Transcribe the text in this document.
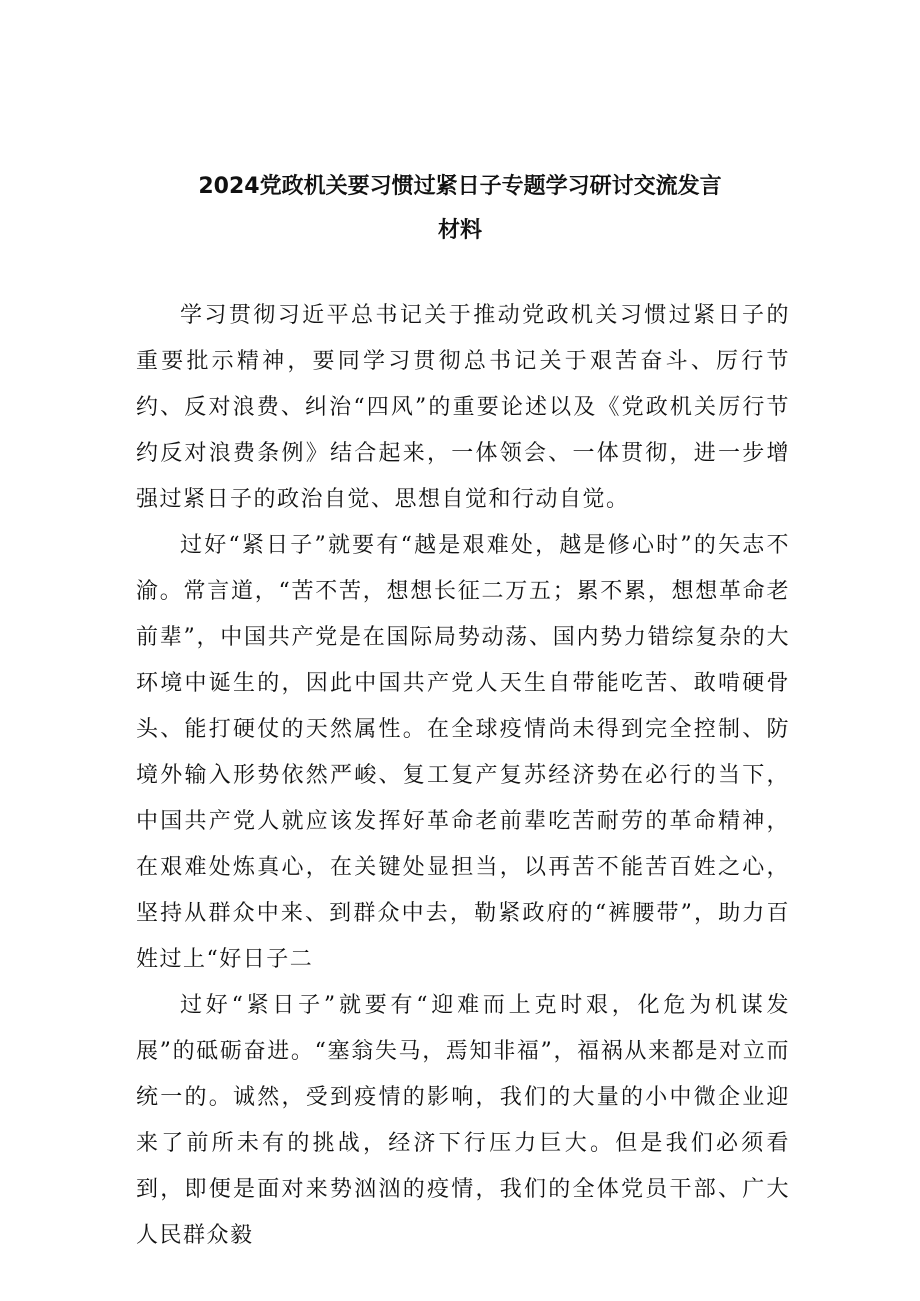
2024党政机关要习惯过紧日子专题学习研讨交流发言
材料

学习贯彻习近平总书记关于推动党政机关习惯过紧日子的重要批示精神，要同学习贯彻总书记关于艰苦奋斗、厉行节约、反对浪费、纠治“四风”的重要论述以及《党政机关厉行节约反对浪费条例》结合起来，一体领会、一体贯彻，进一步增强过紧日子的政治自觉、思想自觉和行动自觉。

过好“紧日子”就要有“越是艰难处，越是修心时”的矢志不渝。常言道，“苦不苦，想想长征二万五；累不累，想想革命老前辈”，中国共产党是在国际局势动荡、国内势力错综复杂的大环境中诞生的，因此中国共产党人天生自带能吃苦、敢啃硬骨头、能打硬仗的天然属性。在全球疫情尚未得到完全控制、防境外输入形势依然严峻、复工复产复苏经济势在必行的当下，中国共产党人就应该发挥好革命老前辈吃苦耐劳的革命精神，在艰难处炼真心，在关键处显担当，以再苦不能苦百姓之心，坚持从群众中来、到群众中去，勒紧政府的“裤腰带”，助力百姓过上“好日子二

过好“紧日子”就要有“迎难而上克时艰，化危为机谋发展”的砥砺奋进。“塞翁失马，焉知非福”，福祸从来都是对立而统一的。诚然，受到疫情的影响，我们的大量的小中微企业迎来了前所未有的挑战，经济下行压力巨大。但是我们必须看到，即便是面对来势汹汹的疫情，我们的全体党员干部、广大人民群众毅
